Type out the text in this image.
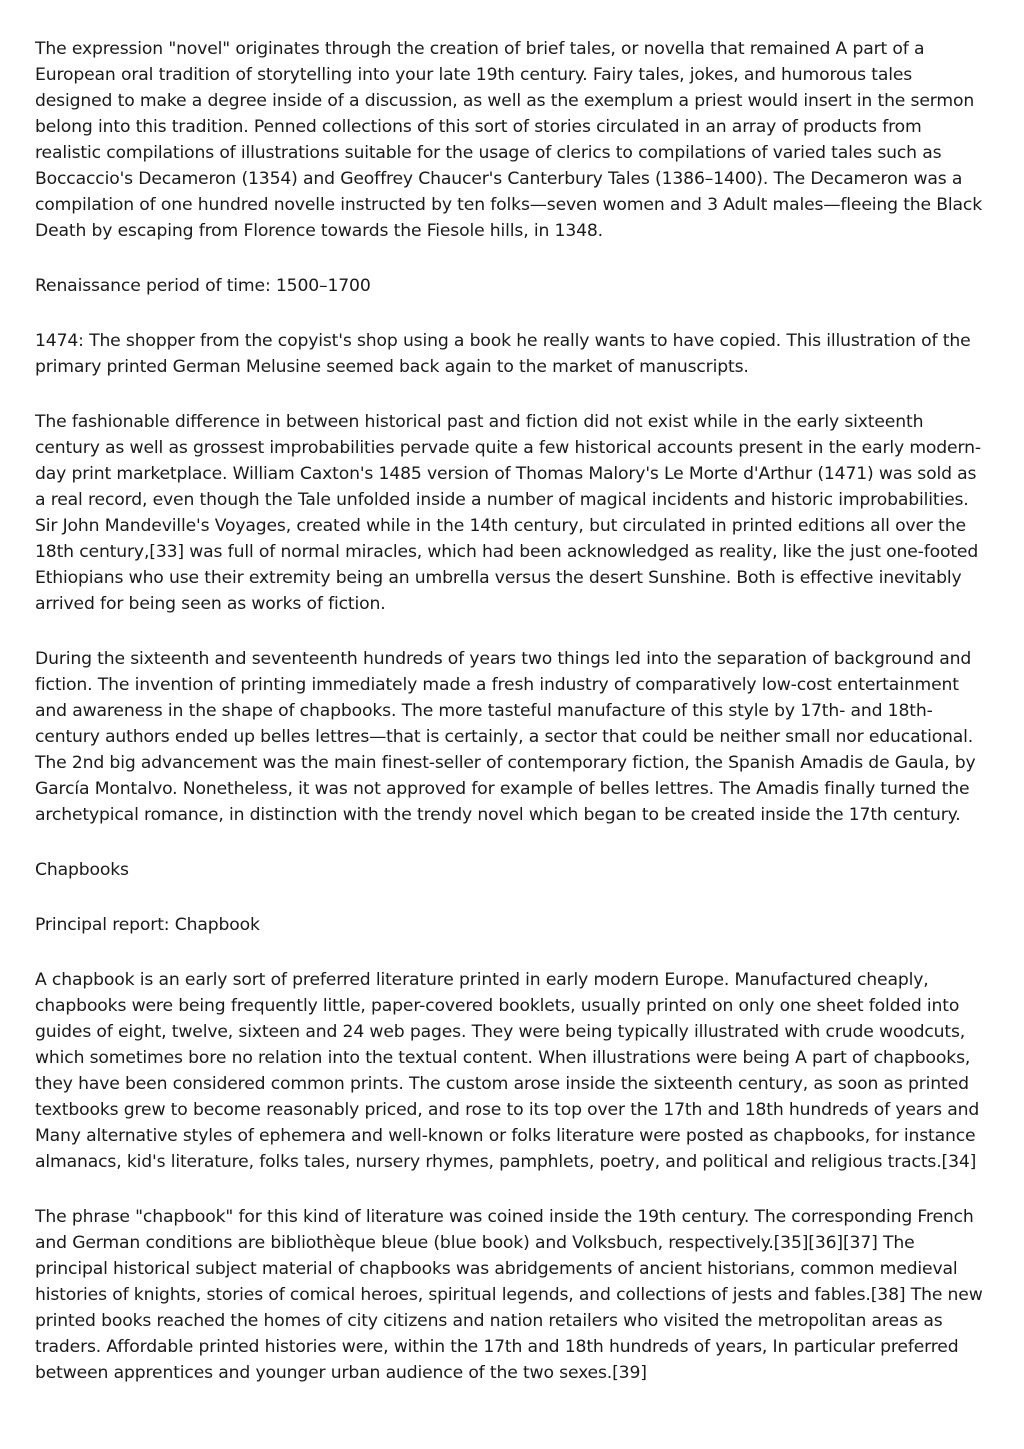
The expression "novel" originates through the creation of brief tales, or novella that remained A part of a European oral tradition of storytelling into your late 19th century. Fairy tales, jokes, and humorous tales designed to make a degree inside of a discussion, as well as the exemplum a priest would insert in the sermon belong into this tradition. Penned collections of this sort of stories circulated in an array of products from realistic compilations of illustrations suitable for the usage of clerics to compilations of varied tales such as Boccaccio's Decameron (1354) and Geoffrey Chaucer's Canterbury Tales (1386–1400). The Decameron was a compilation of one hundred novelle instructed by ten folks—seven women and 3 Adult males—fleeing the Black Death by escaping from Florence towards the Fiesole hills, in 1348.

Renaissance period of time: 1500–1700

1474: The shopper from the copyist's shop using a book he really wants to have copied. This illustration of the primary printed German Melusine seemed back again to the market of manuscripts.

The fashionable difference in between historical past and fiction did not exist while in the early sixteenth century as well as grossest improbabilities pervade quite a few historical accounts present in the early modern-day print marketplace. William Caxton's 1485 version of Thomas Malory's Le Morte d'Arthur (1471) was sold as a real record, even though the Tale unfolded inside a number of magical incidents and historic improbabilities. Sir John Mandeville's Voyages, created while in the 14th century, but circulated in printed editions all over the 18th century,[33] was full of normal miracles, which had been acknowledged as reality, like the just one-footed Ethiopians who use their extremity being an umbrella versus the desert Sunshine. Both is effective inevitably arrived for being seen as works of fiction.

During the sixteenth and seventeenth hundreds of years two things led into the separation of background and fiction. The invention of printing immediately made a fresh industry of comparatively low-cost entertainment and awareness in the shape of chapbooks. The more tasteful manufacture of this style by 17th- and 18th-century authors ended up belles lettres—that is certainly, a sector that could be neither small nor educational. The 2nd big advancement was the main finest-seller of contemporary fiction, the Spanish Amadis de Gaula, by García Montalvo. Nonetheless, it was not approved for example of belles lettres. The Amadis finally turned the archetypical romance, in distinction with the trendy novel which began to be created inside the 17th century.

Chapbooks

Principal report: Chapbook

A chapbook is an early sort of preferred literature printed in early modern Europe. Manufactured cheaply, chapbooks were being frequently little, paper-covered booklets, usually printed on only one sheet folded into guides of eight, twelve, sixteen and 24 web pages. They were being typically illustrated with crude woodcuts, which sometimes bore no relation into the textual content. When illustrations were being A part of chapbooks, they have been considered common prints. The custom arose inside the sixteenth century, as soon as printed textbooks grew to become reasonably priced, and rose to its top over the 17th and 18th hundreds of years and Many alternative styles of ephemera and well-known or folks literature were posted as chapbooks, for instance almanacs, kid's literature, folks tales, nursery rhymes, pamphlets, poetry, and political and religious tracts.[34]

The phrase "chapbook" for this kind of literature was coined inside the 19th century. The corresponding French and German conditions are bibliothèque bleue (blue book) and Volksbuch, respectively.[35][36][37] The principal historical subject material of chapbooks was abridgements of ancient historians, common medieval histories of knights, stories of comical heroes, spiritual legends, and collections of jests and fables.[38] The new printed books reached the homes of city citizens and nation retailers who visited the metropolitan areas as traders. Affordable printed histories were, within the 17th and 18th hundreds of years, In particular preferred between apprentices and younger urban audience of the two sexes.[39]
